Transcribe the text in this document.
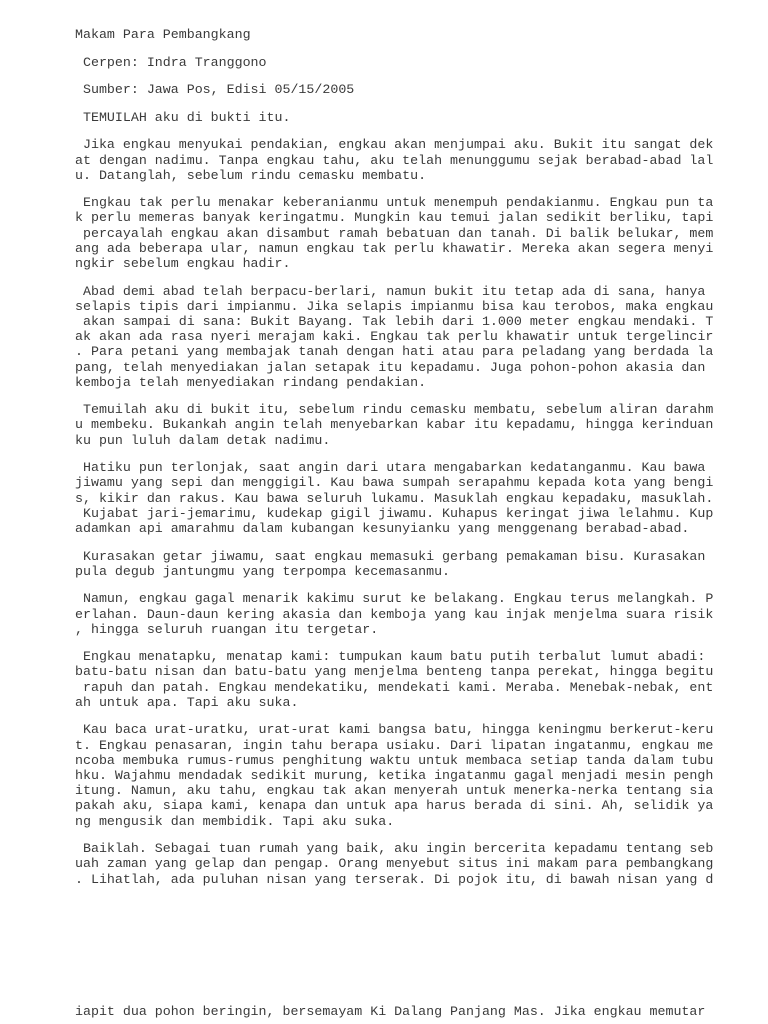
Makam Para Pembangkang
Cerpen: Indra Tranggono
Sumber: Jawa Pos, Edisi 05/15/2005
TEMUILAH aku di bukti itu.
Jika engkau menyukai pendakian, engkau akan menjumpai aku. Bukit itu sangat dek
at dengan nadimu. Tanpa engkau tahu, aku telah menunggumu sejak berabad-abad lal
u. Datanglah, sebelum rindu cemasku membatu.
Engkau tak perlu menakar keberanianmu untuk menempuh pendakianmu. Engkau pun ta
k perlu memeras banyak keringatmu. Mungkin kau temui jalan sedikit berliku, tapi
percayalah engkau akan disambut ramah bebatuan dan tanah. Di balik belukar, mem
ang ada beberapa ular, namun engkau tak perlu khawatir. Mereka akan segera menyi
ngkir sebelum engkau hadir.
Abad demi abad telah berpacu-berlari, namun bukit itu tetap ada di sana, hanya
selapis tipis dari impianmu. Jika selapis impianmu bisa kau terobos, maka engkau
akan sampai di sana: Bukit Bayang. Tak lebih dari 1.000 meter engkau mendaki. T
ak akan ada rasa nyeri merajam kaki. Engkau tak perlu khawatir untuk tergelincir
. Para petani yang membajak tanah dengan hati atau para peladang yang berdada la
pang, telah menyediakan jalan setapak itu kepadamu. Juga pohon-pohon akasia dan
kemboja telah menyediakan rindang pendakian.
Temuilah aku di bukit itu, sebelum rindu cemasku membatu, sebelum aliran darahm
u membeku. Bukankah angin telah menyebarkan kabar itu kepadamu, hingga kerinduan
ku pun luluh dalam detak nadimu.
Hatiku pun terlonjak, saat angin dari utara mengabarkan kedatanganmu. Kau bawa
jiwamu yang sepi dan menggigil. Kau bawa sumpah serapahmu kepada kota yang bengi
s, kikir dan rakus. Kau bawa seluruh lukamu. Masuklah engkau kepadaku, masuklah.
Kujabat jari-jemarimu, kudekap gigil jiwamu. Kuhapus keringat jiwa lelahmu. Kup
adamkan api amarahmu dalam kubangan kesunyianku yang menggenang berabad-abad.
Kurasakan getar jiwamu, saat engkau memasuki gerbang pemakaman bisu. Kurasakan
pula degub jantungmu yang terpompa kecemasanmu.
Namun, engkau gagal menarik kakimu surut ke belakang. Engkau terus melangkah. P
erlahan. Daun-daun kering akasia dan kemboja yang kau injak menjelma suara risik
, hingga seluruh ruangan itu tergetar.
Engkau menatapku, menatap kami: tumpukan kaum batu putih terbalut lumut abadi:
batu-batu nisan dan batu-batu yang menjelma benteng tanpa perekat, hingga begitu
rapuh dan patah. Engkau mendekatiku, mendekati kami. Meraba. Menebak-nebak, ent
ah untuk apa. Tapi aku suka.
Kau baca urat-uratku, urat-urat kami bangsa batu, hingga keningmu berkerut-keru
t. Engkau penasaran, ingin tahu berapa usiaku. Dari lipatan ingatanmu, engkau me
ncoba membuka rumus-rumus penghitung waktu untuk membaca setiap tanda dalam tubu
hku. Wajahmu mendadak sedikit murung, ketika ingatanmu gagal menjadi mesin pengh
itung. Namun, aku tahu, engkau tak akan menyerah untuk menerka-nerka tentang sia
pakah aku, siapa kami, kenapa dan untuk apa harus berada di sini. Ah, selidik ya
ng mengusik dan membidik. Tapi aku suka.
Baiklah. Sebagai tuan rumah yang baik, aku ingin bercerita kepadamu tentang seb
uah zaman yang gelap dan pengap. Orang menyebut situs ini makam para pembangkang
. Lihatlah, ada puluhan nisan yang terserak. Di pojok itu, di bawah nisan yang d
iapit dua pohon beringin, bersemayam Ki Dalang Panjang Mas. Jika engkau memutar
